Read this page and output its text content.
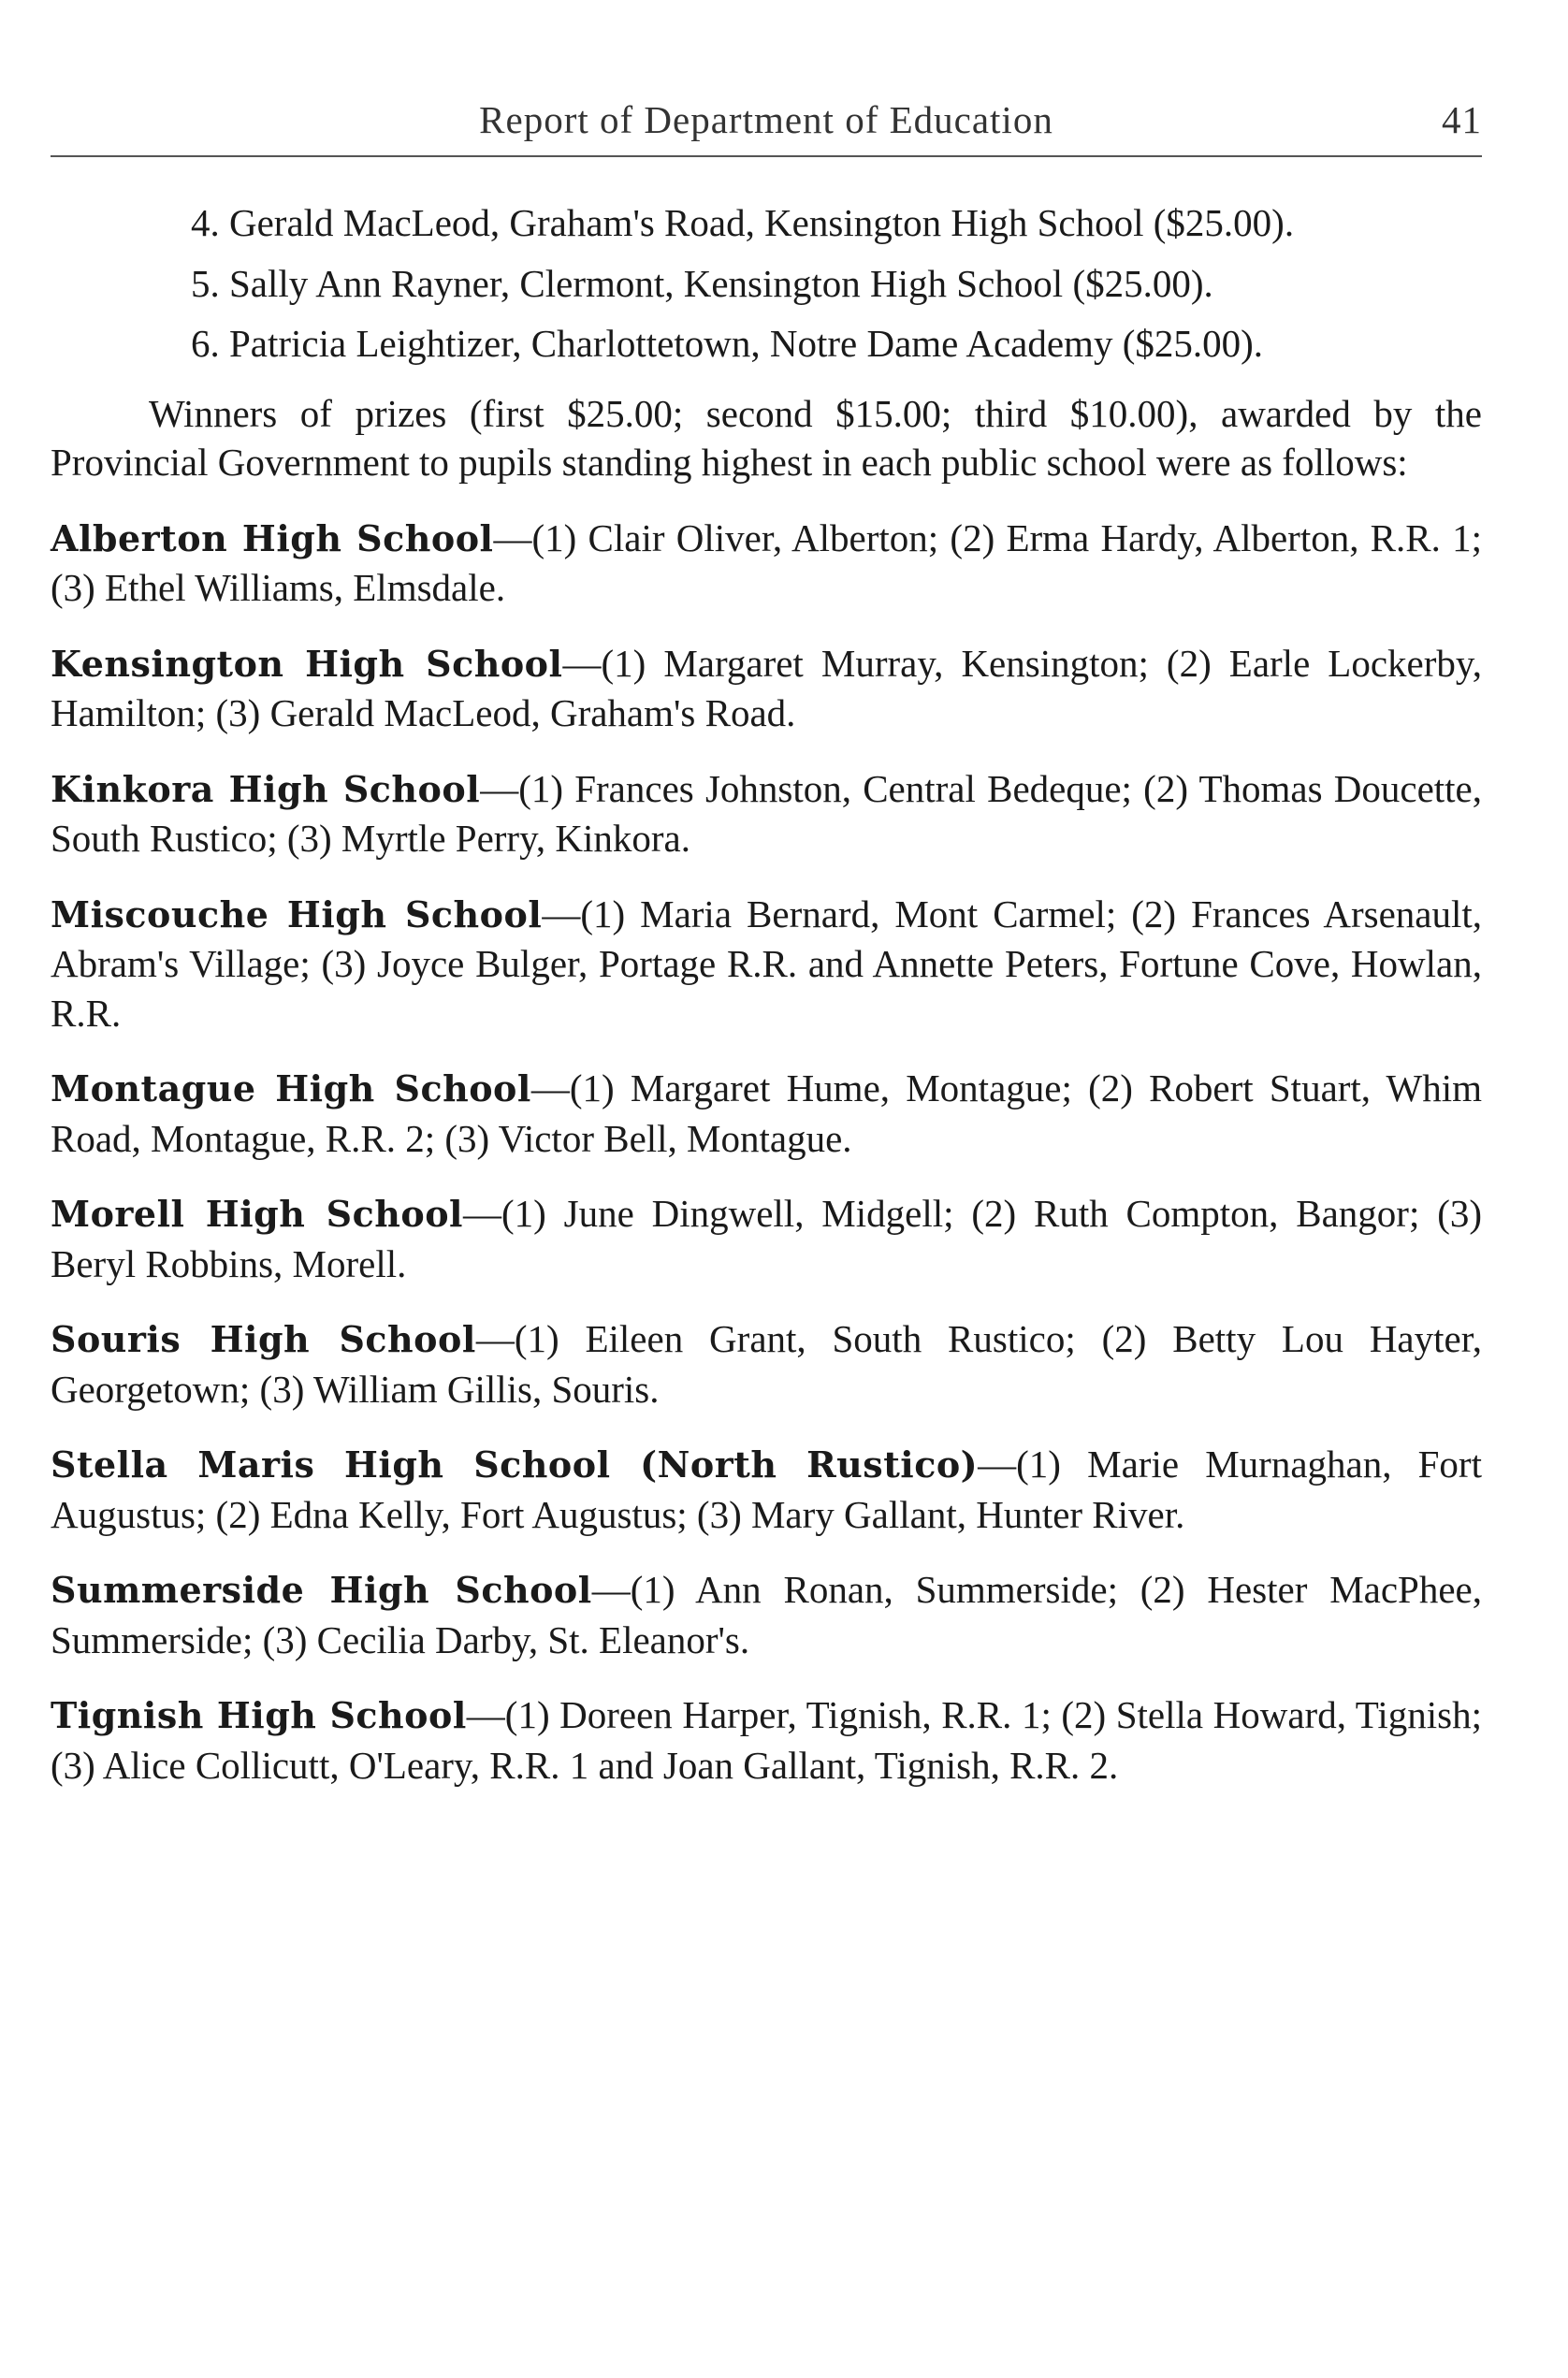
Report of Department of Education	41

4. Gerald MacLeod, Graham's Road, Kensington High School ($25.00).

5. Sally Ann Rayner, Clermont, Kensington High School ($25.00).

6. Patricia Leightizer, Charlottetown, Notre Dame Academy ($25.00).

Winners of prizes (first $25.00; second $15.00; third $10.00), awarded by the Provincial Government to pupils standing highest in each public school were as follows:

Alberton High School—(1) Clair Oliver, Alberton; (2) Erma Hardy, Alberton, R.R. 1; (3) Ethel Williams, Elmsdale.

Kensington High School—(1) Margaret Murray, Kensington; (2) Earle Lockerby, Hamilton; (3) Gerald MacLeod, Graham's Road.

Kinkora High School—(1) Frances Johnston, Central Bedeque; (2) Thomas Doucette, South Rustico; (3) Myrtle Perry, Kinkora.

Miscouche High School—(1) Maria Bernard, Mont Carmel; (2) Frances Arsenault, Abram's Village; (3) Joyce Bulger, Portage R.R. and Annette Peters, Fortune Cove, Howlan, R.R.

Montague High School—(1) Margaret Hume, Montague; (2) Robert Stuart, Whim Road, Montague, R.R. 2; (3) Victor Bell, Montague.

Morell High School—(1) June Dingwell, Midgell; (2) Ruth Compton, Bangor; (3) Beryl Robbins, Morell.

Souris High School—(1) Eileen Grant, South Rustico; (2) Betty Lou Hayter, Georgetown; (3) William Gillis, Souris.

Stella Maris High School (North Rustico)—(1) Marie Murnaghan, Fort Augustus; (2) Edna Kelly, Fort Augustus; (3) Mary Gallant, Hunter River.

Summerside High School—(1) Ann Ronan, Summerside; (2) Hester MacPhee, Summerside; (3) Cecilia Darby, St. Eleanor's.

Tignish High School—(1) Doreen Harper, Tignish, R.R. 1; (2) Stella Howard, Tignish; (3) Alice Collicutt, O'Leary, R.R. 1 and Joan Gallant, Tignish, R.R. 2.
